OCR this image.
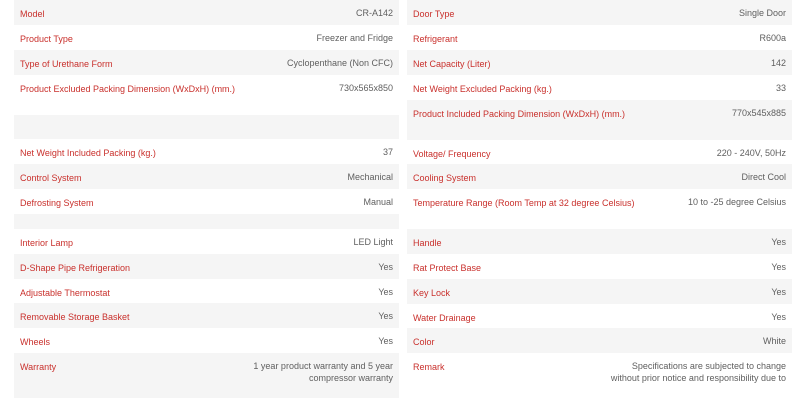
Model	CR-A142
Product Type	Freezer and Fridge
Type of Urethane Form	Cyclopenthane (Non CFC)
Product Excluded Packing Dimension (WxDxH) (mm.)	730x565x850
Net Weight Included Packing (kg.)	37
Control System	Mechanical
Defrosting System	Manual
Interior Lamp	LED Light
D-Shape Pipe Refrigeration	Yes
Adjustable Thermostat	Yes
Removable Storage Basket	Yes
Wheels	Yes
Warranty	1 year product warranty and 5 year compressor warranty
Door Type	Single Door
Refrigerant	R600a
Net Capacity (Liter)	142
Net Weight Excluded Packing (kg.)	33
Product Included Packing Dimension (WxDxH) (mm.)	770x545x885
Voltage/ Frequency	220 - 240V, 50Hz
Cooling System	Direct Cool
Temperature Range (Room Temp at 32 degree Celsius)	10 to -25 degree Celsius
Handle	Yes
Rat Protect Base	Yes
Key Lock	Yes
Water Drainage	Yes
Color	White
Remark	Specifications are subjected to change without prior notice and responsibility due to
